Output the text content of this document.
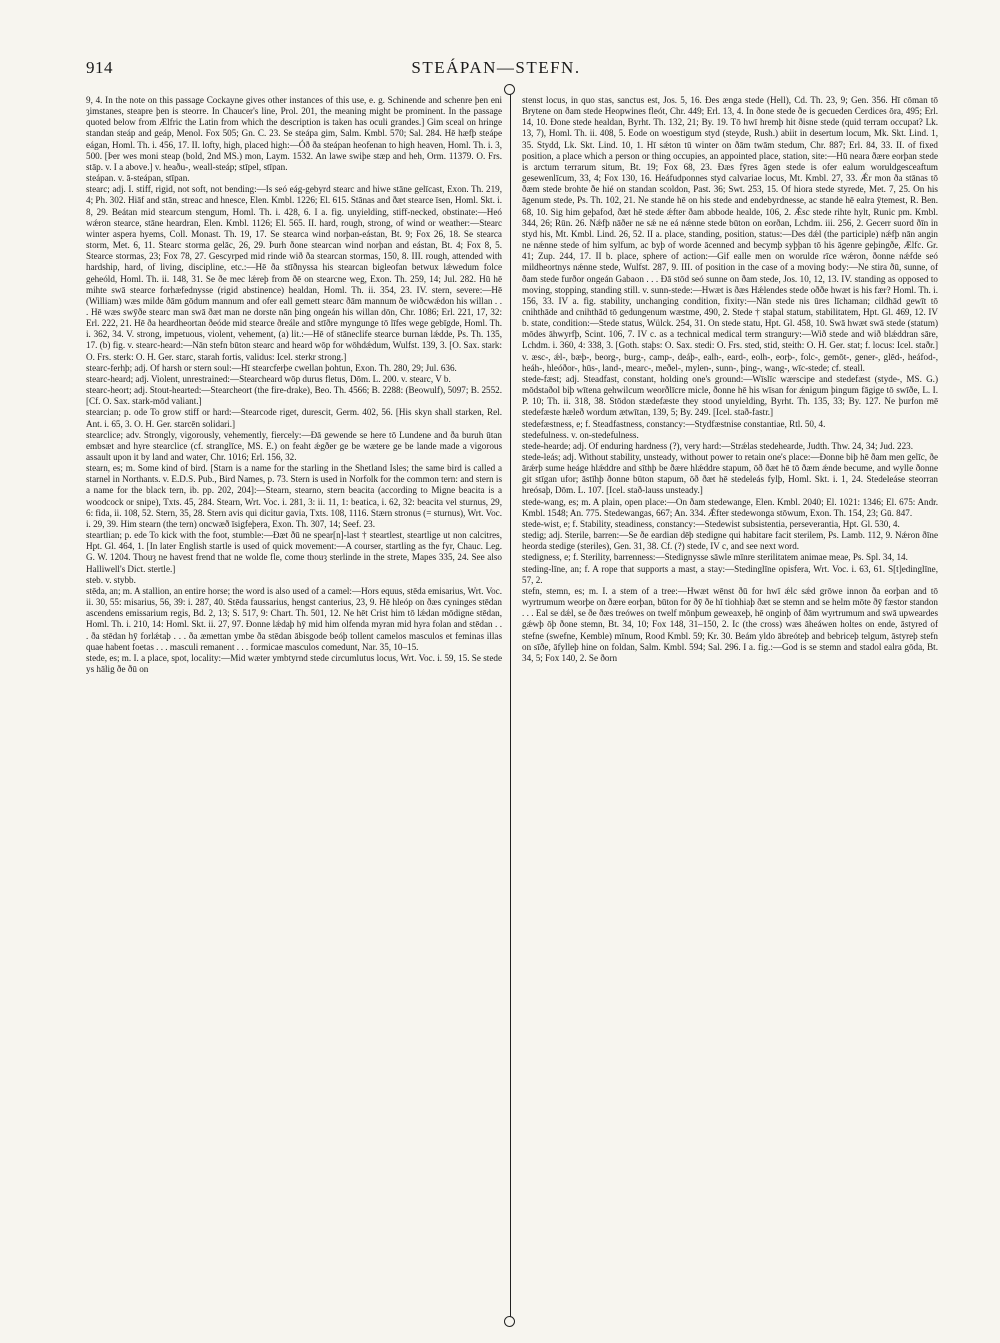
914	STEÁPAN—STEFN.

9, 4. In the note on this passage Cockayne gives other instances of this use, e. g. Schinende and schenre þen eni ȝimstanes, steapre þen is steorre. In Chaucer's line, Prol. 201, the meaning might be prominent. In the passage quoted below from Ælfric the Latin from which the description is taken has oculi grandes.] Gim sceal on hringe standan steáp and geáp, Menol. Fox 505; Gn. C. 23. Se steápa gim, Salm. Kmbl. 570; Sal. 284. Hē hæfþ steápe eágan, Homl. Th. i. 456, 17. II. lofty, high, placed high:—Óð ða steápan heofenan to high heaven, Homl. Th. i. 3, 500. [Þer wes moni steap (bold, 2nd MS.) mon, Laym. 1532. An lawe swiþe stæp and heh, Orm. 11379. O. Frs. stāp. v. I a above.] v. heaðu-, weall-steáp; stīpel, stīpan.

steápan. v. ā-steápan, stīpan.

stearc; adj. I. stiff, rigid, not soft, not bending:—Is seó eág-gebyrd stearc and hiwe stāne gelīcast, Exon. Th. 219, 4; Ph. 302. Hiāf and stān, streac and hnesce, Elen. Kmbl. 1226; El. 615. Stānas and ðæt stearce īsen, Homl. Skt. i. 8, 29. Beátan mid stearcum stengum, Homl. Th. i. 428, 6. I a. fig. unyielding, stiff-necked, obstinate:—Heó wǽron stearce, stāne heardran, Elen. Kmbl. 1126; El. 565. II. hard, rough, strong, of wind or weather:—Stearc winter aspera hyems, Coll. Monast. Th. 19, 17. Se stearca wind norþan-eástan, Bt. 9; Fox 26, 18. Se stearca storm, Met. 6, 11. Stearc storma gelāc, 26, 29. Þurh ðone stearcan wind norþan and eástan, Bt. 4; Fox 8, 5. Stearce stormas, 23; Fox 78, 27. Gescyrped mid rinde wið ða stearcan stormas, 150, 8. III. rough, attended with hardship, hard, of living, discipline, etc.:—Hē ða stīðnyssa his stearcan bigleofan betwux lǽwedum folce geheóld, Homl. Th. ii. 148, 31. Se ðe mec lǽreþ from ðē on stearcne weg, Exon. Th. 259, 14; Jul. 282. Hū hē mihte swā stearce forhæfednysse (rigid abstinence) healdan, Homl. Th. ii. 354, 23. IV. stern, severe:—Hē (William) wæs milde ðām gōdum mannum and ofer eall gemett stearc ðām mannum ðe wiðcwǽdon his willan . . . Hē wæs swȳðe stearc man swā ðæt man ne dorste nān þing ongeán his willan dōn, Chr. 1086; Erl. 221, 17, 32: Erl. 222, 21. Hē ða heardheortan ðeóde mid stearce ðreále and stīðre myngunge tō līfes wege gebīgde, Homl. Th. i. 362, 34. V. strong, impetuous, violent, vehement, (a) lit.:—Hē of stāneclife stearce burnan lǽdde, Ps. Th. 135, 17. (b) fig. v. stearc-heard:—Nān stefn būton stearc and heard wōp for wōhdǽdum, Wulfst. 139, 3. [O. Sax. stark: O. Frs. sterk: O. H. Ger. starc, starah fortis, validus: Icel. sterkr strong.]

stearc-ferhþ; adj. Of harsh or stern soul:—Hī stearcferþe cwellan þohtun, Exon. Th. 280, 29; Jul. 636.

stearc-heard; adj. Violent, unrestrained:—Stearcheard wōp durus fletus, Dōm. L. 200. v. stearc, V b.

stearc-heort; adj. Stout-hearted:—Stearcheort (the fire-drake), Beo. Th. 4566; B. 2288: (Beowulf), 5097; B. 2552. [Cf. O. Sax. stark-mōd valiant.]

stearcian; p. ode To grow stiff or hard:—Stearcode riget, durescit, Germ. 402, 56. [His skyn shall starken, Rel. Ant. i. 65, 3. O. H. Ger. starcēn solidari.]

stearclice; adv. Strongly, vigorously, vehemently, fiercely:—Ðā gewende se here tō Lundene and ða buruh ūtan embsæt and hyre stearclice (cf. stranglīce, MS. E.) on feaht ǽgðer ge be wætere ge be lande made a vigorous assault upon it by land and water, Chr. 1016; Erl. 156, 32.

stearn, es; m. Some kind of bird. [Starn is a name for the starling in the Shetland Isles; the same bird is called a starnel in Northants. v. E.D.S. Pub., Bird Names, p. 73. Stern is used in Norfolk for the common tern: and stern is a name for the black tern, ib. pp. 202, 204]:—Stearn, stearno, stern beacita (according to Migne beacita is a woodcock or snipe), Txts. 45, 284. Stearn, Wrt. Voc. i. 281, 3: ii. 11, 1: beatica, i. 62, 32: beacita vel sturnus, 29, 6: fida, ii. 108, 52. Stern, 35, 28. Stern avis qui dicitur gavia, Txts. 108, 1116. Stærn stronus (= sturnus), Wrt. Voc. i. 29, 39. Him stearn (the tern) oncwæð īsigfeþera, Exon. Th. 307, 14; Seef. 23.

steartlian; p. ede To kick with the foot, stumble:—Ðæt ðū ne spear[n]-last † steartlest, steartlige ut non calcitres, Hpt. Gl. 464, 1. [In later English startle is used of quick movement:—A courser, startling as the fyr, Chauc. Leg. G. W. 1204. Thouȝ ne havest frend that ne wolde fle, come thouȝ sterlinde in the strete, Mapes 335, 24. See also Halliwell's Dict. stertle.]

steb. v. stybb.

stēda, an; m. A stallion, an entire horse; the word is also used of a camel:—Hors equus, stēda emisarius, Wrt. Voc. ii. 30, 55: misarius, 56, 39: i. 287, 40. Stēda faussarius, hengst canterius, 23, 9. Hē hleóp on ðæs cyninges stēdan ascendens emissarium regis, Bd. 2, 13; S. 517, 9: Chart. Th. 501, 12. Ne hēt Crist him tō lǽdan mōdigne stēdan, Homl. Th. i. 210, 14: Homl. Skt. ii. 27, 97. Ðonne lǽdaþ hȳ mid him olfenda myran mid hyra folan and stēdan . . . ða stēdan hȳ forlǽtaþ . . . ða æmettan ymbe ða stēdan ābisgode beóþ tollent camelos masculos et feminas illas quae habent foetas . . . masculi remanent . . . formicae masculos comedunt, Nar. 35, 10–15.

stede, es; m. I. a place, spot, locality:—Mid wæter ymbtyrnd stede circumlutus locus, Wrt. Voc. i. 59, 15. Se stede ys hālig ðe ðū on

stenst locus, in quo stas, sanctus est, Jos. 5, 16. Ðes ænga stede (Hell), Cd. Th. 23, 9; Gen. 356. Hī cōman tō Brytene on ðam stede Heopwines fleót, Chr. 449; Erl. 13, 4. In ðone stede ðe is gecueden Cerdices ōra, 495; Erl. 14, 10. Ðone stede healdan, Byrht. Th. 132, 21; By. 19. Tō hwī hremþ hit ðisne stede (quid terram occupat? Lk. 13, 7), Homl. Th. ii. 408, 5. Eode on woestigum styd (steyde, Rush.) abiit in desertum locum, Mk. Skt. Lind. 1, 35. Stydd, Lk. Skt. Lind. 10, 1. Hī sǽton tū winter on ðām twām stedum, Chr. 887; Erl. 84, 33. II. of fixed position, a place which a person or thing occupies, an appointed place, station, site:—Hū neara ðære eorþan stede is arctum terrarum situm, Bt. 19; Fox 68, 23. Ðæs fȳres āgen stede is ofer ealum woruldgesceaftum gesewenlīcum, 33, 4; Fox 130, 16. Heáfudponnes styd calvariae locus, Mt. Kmbl. 27, 33. Ǽr mon ða stānas tō ðæm stede brohte ðe hié on standan scoldon, Past. 36; Swt. 253, 15. Of hiora stede styrede, Met. 7, 25. On his āgenum stede, Ps. Th. 102, 21. Ne stande hē on his stede and endebyrdnesse, ac stande hē ealra ȳtemest, R. Ben. 68, 10. Sig him geþafod, ðæt hē stede ǽfter ðam abbode healde, 106, 2. Ǽsc stede rihte hylt, Runic pm. Kmbl. 344, 26; Rūn. 26. Nǽfþ nāðer ne sǽ ne eá nǽnne stede būton on eorðan, Lchdm. iii. 256, 2. Gecerr suord ðīn in styd his, Mt. Kmbl. Lind. 26, 52. II a. place, standing, position, status:—Des dǽl (the participle) nǽfþ nān angin ne nǽnne stede of him sylfum, ac byþ of worde ācenned and becymþ syþþan tō his āgenre geþingðe, Ælfc. Gr. 41; Zup. 244, 17. II b. place, sphere of action:—Gif ealle men on worulde rīce wǽron, ðonne nǽfde seó mildheortnys nǽnne stede, Wulfst. 287, 9. III. of position in the case of a moving body:—Ne stira ðū, sunne, of ðam stede furðor ongeán Gabaon . . . Ðā stōd seó sunne on ðam stede, Jos. 10, 12, 13. IV. standing as opposed to moving, stopping, standing still. v. sunn-stede:—Hwæt is ðæs Hǽlendes stede oððe hwæt is his fær? Homl. Th. i. 156, 33. IV a. fig. stability, unchanging condition, fixity:—Nān stede nis ūres līchaman; cildhād gewīt tō cnihthāde and cnihthād tō gedungenum wæstme, 490, 2. Stede † staþal statum, stabilitatem, Hpt. Gl. 469, 12. IV b. state, condition:—Stede status, Wülck. 254, 31. On stede statu, Hpt. Gl. 458, 10. Swā hwæt swā stede (statum) mōdes āhwyrfþ, Scint. 106, 7. IV c. as a technical medical term strangury:—Wið stede and wið blǽddran sāre, Lchdm. i. 360, 4: 338, 3. [Goth. staþs: O. Sax. stedi: O. Frs. sted, stid, steith: O. H. Ger. stat; f. locus: Icel. staðr.] v. æsc-, ǽl-, bæþ-, beorg-, burg-, camp-, deáþ-, ealh-, eard-, eolh-, eorþ-, folc-, gemōt-, gener-, glēd-, heáfod-, heáh-, hleóðor-, hūs-, land-, mearc-, meðel-, mylen-, sunn-, þing-, wang-, wīc-stede; cf. steall.

stede-fæst; adj. Steadfast, constant, holding one's ground:—Wīslīc wærscipe and stedefæst (styde-, MS. G.) mōdstaðol biþ wītena gehwilcum weorðlīcre micle, ðonne hē his wīsan for ǽnigum þingum fāgige tō swīðe, L. I. P. 10; Th. ii. 318, 38. Stōdon stædefæste they stood unyielding, Byrht. Th. 135, 33; By. 127. Ne þurfon mē stedefæste hæleð wordum ætwītan, 139, 5; By. 249. [Icel. stað-fastr.]

stedefæstness, e; f. Steadfastness, constancy:—Stydfæstnise constantiae, Rtl. 50, 4.

stedefulness. v. on-stedefulness.

stede-hearde; adj. Of enduring hardness (?), very hard:—Strǽlas stedehearde, Judth. Thw. 24, 34; Jud. 223.

stede-leás; adj. Without stability, unsteady, without power to retain one's place:—Ðonne biþ hē ðam men gelīc, ðe ārǽrþ sume heáge hlǽddre and sīthþ be ðære hlǽddre stapum, ōð ðæt hē tō ðæm ǽnde becume, and wylle ðonne git stīgan ufor; āstīhþ ðonne būton stapum, ōð ðæt hē stedeleás fylþ, Homl. Skt. i. 1, 24. Stedeleáse steorran hreósaþ, Dōm. L. 107. [Icel. stað-lauss unsteady.]

stede-wang, es; m. A plain, open place:—On ðam stedewange, Elen. Kmbl. 2040; El. 1021: 1346; El. 675: Andr. Kmbl. 1548; An. 775. Stedewangas, 667; An. 334. Ǽfter stedewonga stōwum, Exon. Th. 154, 23; Gū. 847.

stede-wist, e; f. Stability, steadiness, constancy:—Stedewist subsistentia, perseverantia, Hpt. Gl. 530, 4.

stedig; adj. Sterile, barren:—Se ðe eardian dēþ stedigne qui habitare facit sterilem, Ps. Lamb. 112, 9. Nǽron ðīne heorda stedige (steriles), Gen. 31, 38. Cf. (?) stede, IV c, and see next word.

stedigness, e; f. Sterility, barrenness:—Stedignysse sāwle mīnre sterilitatem animae meae, Ps. Spl. 34, 14.

steding-līne, an; f. A rope that supports a mast, a stay:—Stedinglīne opisfera, Wrt. Voc. i. 63, 61. S[t]edinglīne, 57, 2.

stefn, stemn, es; m. I. a stem of a tree:—Hwæt wēnst ðū for hwī ǽlc sǽd grōwe innon ða eorþan and tō wyrtrumum weorþe on ðære eorþan, būton for ðȳ ðe hī tiohhiaþ ðæt se stemn and se helm mōte ðȳ fæstor standon . . . Eal se dǽl, se ðe ðæs treówes on twelf mōnþum geweaxeþ, hē onginþ of ðām wyrtrumum and swā upweardes gǽwþ ōþ ðone stemn, Bt. 34, 10; Fox 148, 31–150, 2. Ic (the cross) wæs āheáwen holtes on ende, āstyred of stefne (swefne, Kemble) mīnum, Rood Kmbl. 59; Kr. 30. Beám yldo ābreóteþ and bebriceþ telgum, āstyreþ stefn on sīðe, āfylleþ hine on foldan, Salm. Kmbl. 594; Sal. 296. I a. fig.:—God is se stemn and stadol ealra gōda, Bt. 34, 5; Fox 140, 2. Se ðorn
